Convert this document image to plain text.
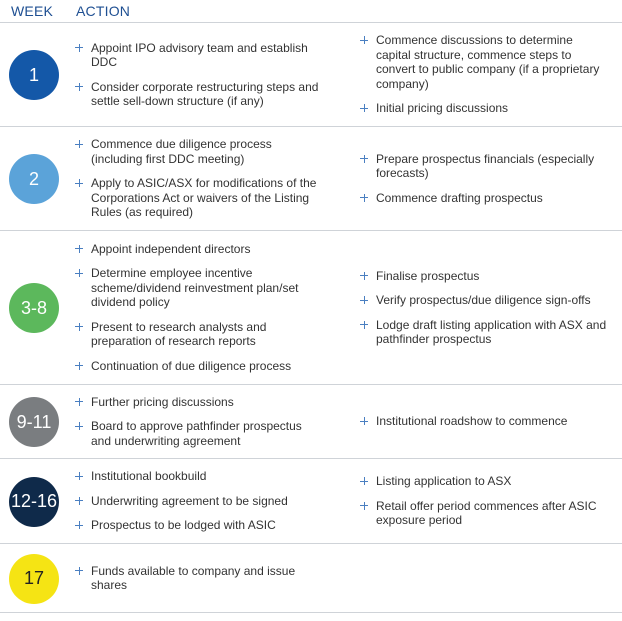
WEEK ACTION
1
Appoint IPO advisory team and establish DDC
Consider corporate restructuring steps and settle sell-down structure (if any)
Commence discussions to determine capital structure, commence steps to convert to public company (if a proprietary company)
Initial pricing discussions
2
Commence due diligence process (including first DDC meeting)
Apply to ASIC/ASX for modifications of the Corporations Act or waivers of the Listing Rules (as required)
Prepare prospectus financials (especially forecasts)
Commence drafting prospectus
3-8
Appoint independent directors
Determine employee incentive scheme/dividend reinvestment plan/set dividend policy
Present to research analysts and preparation of research reports
Continuation of due diligence process
Finalise prospectus
Verify prospectus/due diligence sign-offs
Lodge draft listing application with ASX and pathfinder prospectus
9-11
Further pricing discussions
Board to approve pathfinder prospectus and underwriting agreement
Institutional roadshow to commence
12-16
Institutional bookbuild
Underwriting agreement to be signed
Prospectus to be lodged with ASIC
Listing application to ASX
Retail offer period commences after ASIC exposure period
17	Funds available to company and issue shares
